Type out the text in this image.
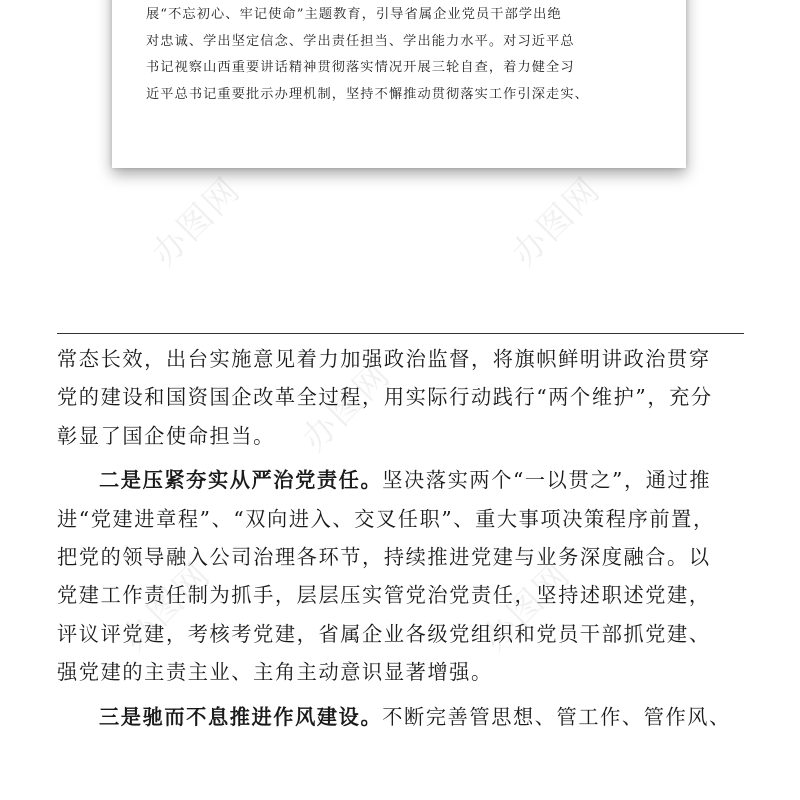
办图网	办图网
办图网
办图网	办图网
展“不忘初心、牢记使命”主题教育，引导省属企业党员干部学出绝
对忠诚、学出坚定信念、学出责任担当、学出能力水平。对习近平总
书记视察山西重要讲话精神贯彻落实情况开展三轮自查，着力健全习
近平总书记重要批示办理机制，坚持不懈推动贯彻落实工作引深走实、
常态长效，出台实施意见着力加强政治监督，将旗帜鲜明讲政治贯穿
党的建设和国资国企改革全过程，用实际行动践行“两个维护”，充分
彰显了国企使命担当。
二是压紧夯实从严治党责任。坚决落实两个“一以贯之”，通过推
进“党建进章程”、“双向进入、交叉任职”、重大事项决策程序前置，
把党的领导融入公司治理各环节，持续推进党建与业务深度融合。以
党建工作责任制为抓手，层层压实管党治党责任，坚持述职述党建，
评议评党建，考核考党建，省属企业各级党组织和党员干部抓党建、
强党建的主责主业、主角主动意识显著增强。
三是驰而不息推进作风建设。不断完善管思想、管工作、管作风、
